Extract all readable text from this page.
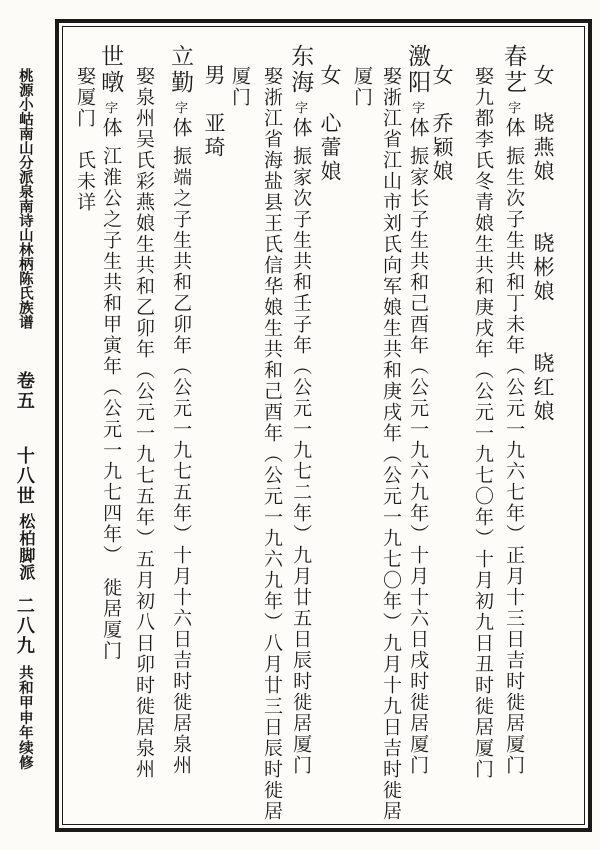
桃源小岵南山分派泉南诗山林柄陈氏族谱卷五十八世松柏脚派二八九共和甲申年续修
女　晓燕娘　　晓彬娘　　晓红娘
春艺字体振生次子生共和丁未年（公元一九六七年）正月十三日吉时徙居厦门
娶九都李氏冬青娘生共和庚戌年（公元一九七〇年）十月初九日丑时徙居厦门
女　乔颖娘
激阳字体振家长子生共和己酉年（公元一九六九年）十月十六日戌时徙居厦门
娶浙江省江山市刘氏向军娘生共和庚戌年（公元一九七〇年）九月十九日吉时徙居
厦门
女　心蕾娘
东海字体振家次子生共和壬子年（公元一九七二年）九月廿五日辰时徙居厦门
娶浙江省海盐县王氏信华娘生共和己酉年（公元一九六九年）八月廿三日辰时徙居
厦门
男　亚琦
立勤字体振端之子生共和乙卯年（公元一九七五年）十月十六日吉时徙居泉州
娶泉州吴氏彩燕娘生共和乙卯年（公元一九七五年）五月初八日卯时徙居泉州
世暾字体江淮公之子生共和甲寅年（公元一九七四年）　徙居厦门
娶厦门　氏未详
